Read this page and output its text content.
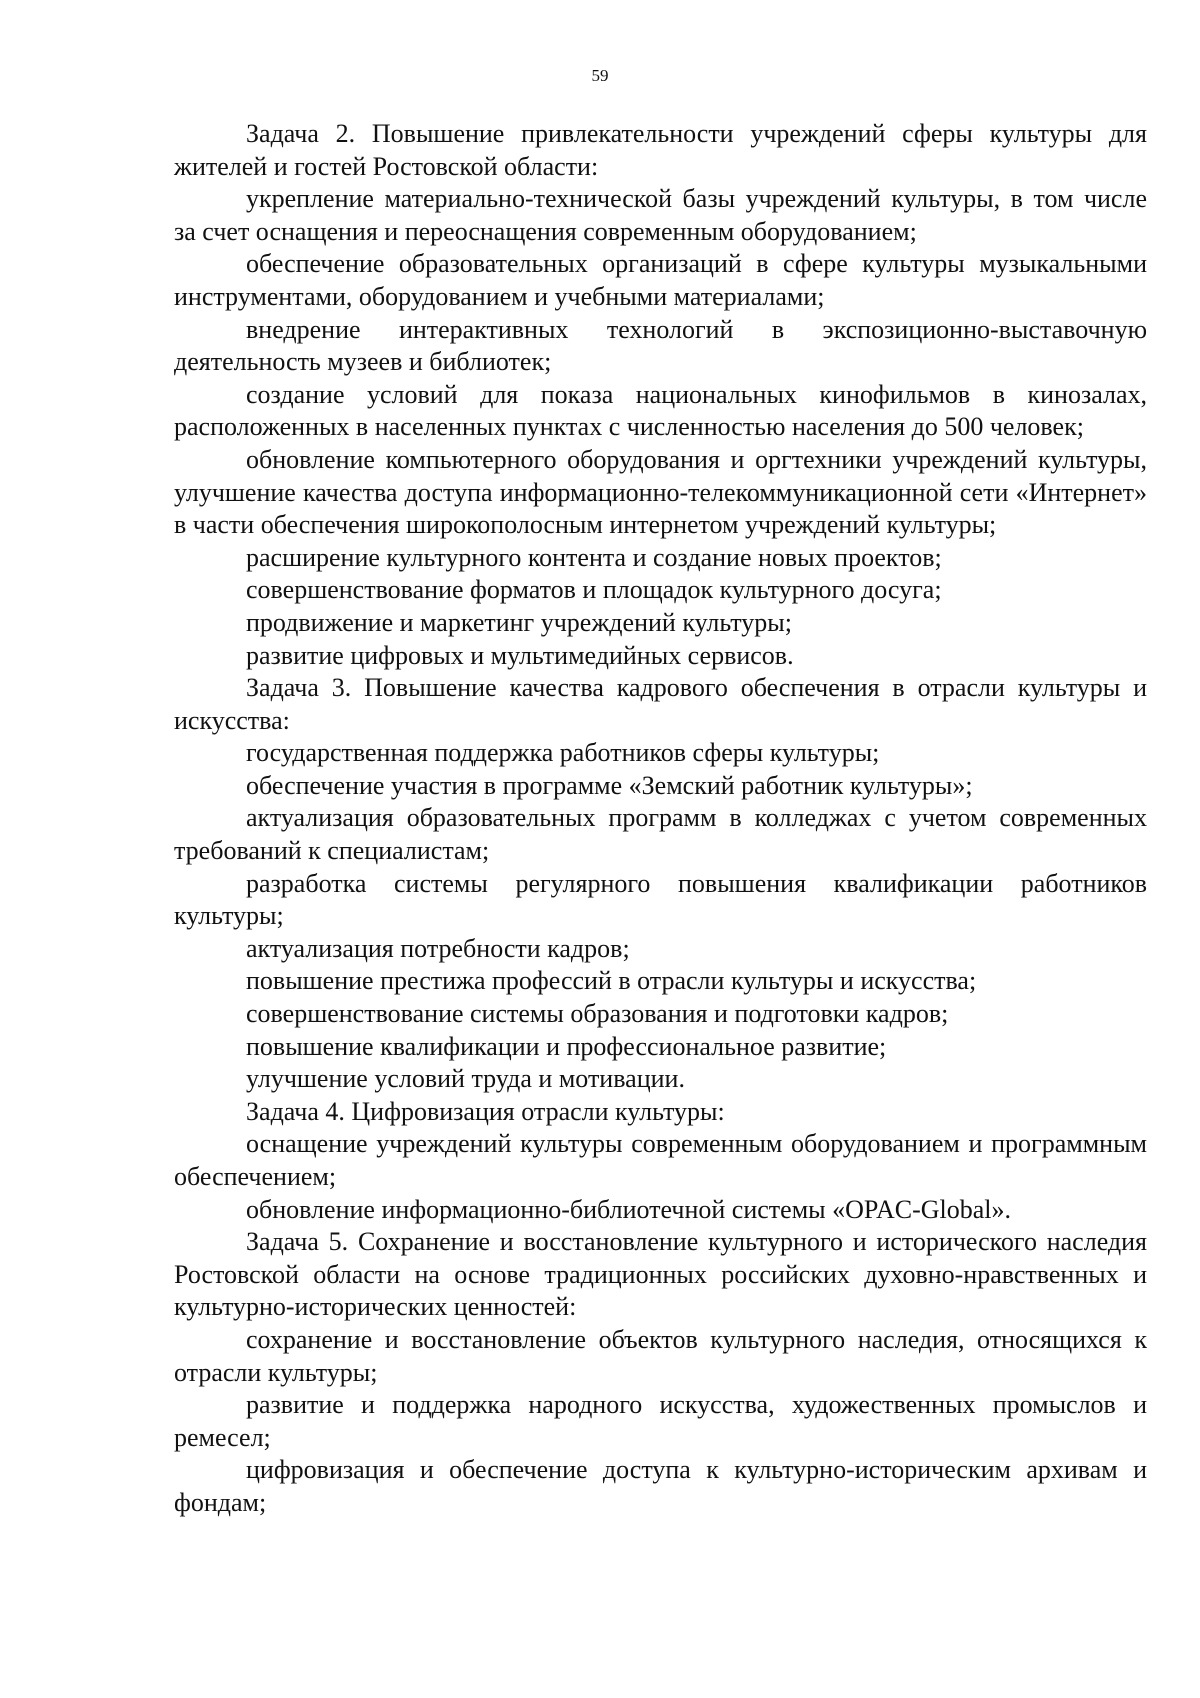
59

Задача 2. Повышение привлекательности учреждений сферы культуры для жителей и гостей Ростовской области:

укрепление материально-технической базы учреждений культуры, в том числе за счет оснащения и переоснащения современным оборудованием;

обеспечение образовательных организаций в сфере культуры музыкальными инструментами, оборудованием и учебными материалами;

внедрение интерактивных технологий в экспозиционно-выставочную деятельность музеев и библиотек;

создание условий для показа национальных кинофильмов в кинозалах, расположенных в населенных пунктах с численностью населения до 500 человек;

обновление компьютерного оборудования и оргтехники учреждений культуры, улучшение качества доступа информационно-телекоммуникационной сети «Интернет» в части обеспечения широкополосным интернетом учреждений культуры;

расширение культурного контента и создание новых проектов;

совершенствование форматов и площадок культурного досуга;

продвижение и маркетинг учреждений культуры;

развитие цифровых и мультимедийных сервисов.

Задача 3. Повышение качества кадрового обеспечения в отрасли культуры и искусства:

государственная поддержка работников сферы культуры;

обеспечение участия в программе «Земский работник культуры»;

актуализация образовательных программ в колледжах с учетом современных требований к специалистам;

разработка системы регулярного повышения квалификации работников культуры;

актуализация потребности кадров;

повышение престижа профессий в отрасли культуры и искусства;

совершенствование системы образования и подготовки кадров;

повышение квалификации и профессиональное развитие;

улучшение условий труда и мотивации.

Задача 4. Цифровизация отрасли культуры:

оснащение учреждений культуры современным оборудованием и программным обеспечением;

обновление информационно-библиотечной системы «OPAC-Global».

Задача 5. Сохранение и восстановление культурного и исторического наследия Ростовской области на основе традиционных российских духовно-нравственных и культурно-исторических ценностей:

сохранение и восстановление объектов культурного наследия, относящихся к отрасли культуры;

развитие и поддержка народного искусства, художественных промыслов и ремесел;

цифровизация и обеспечение доступа к культурно-историческим архивам и фондам;
